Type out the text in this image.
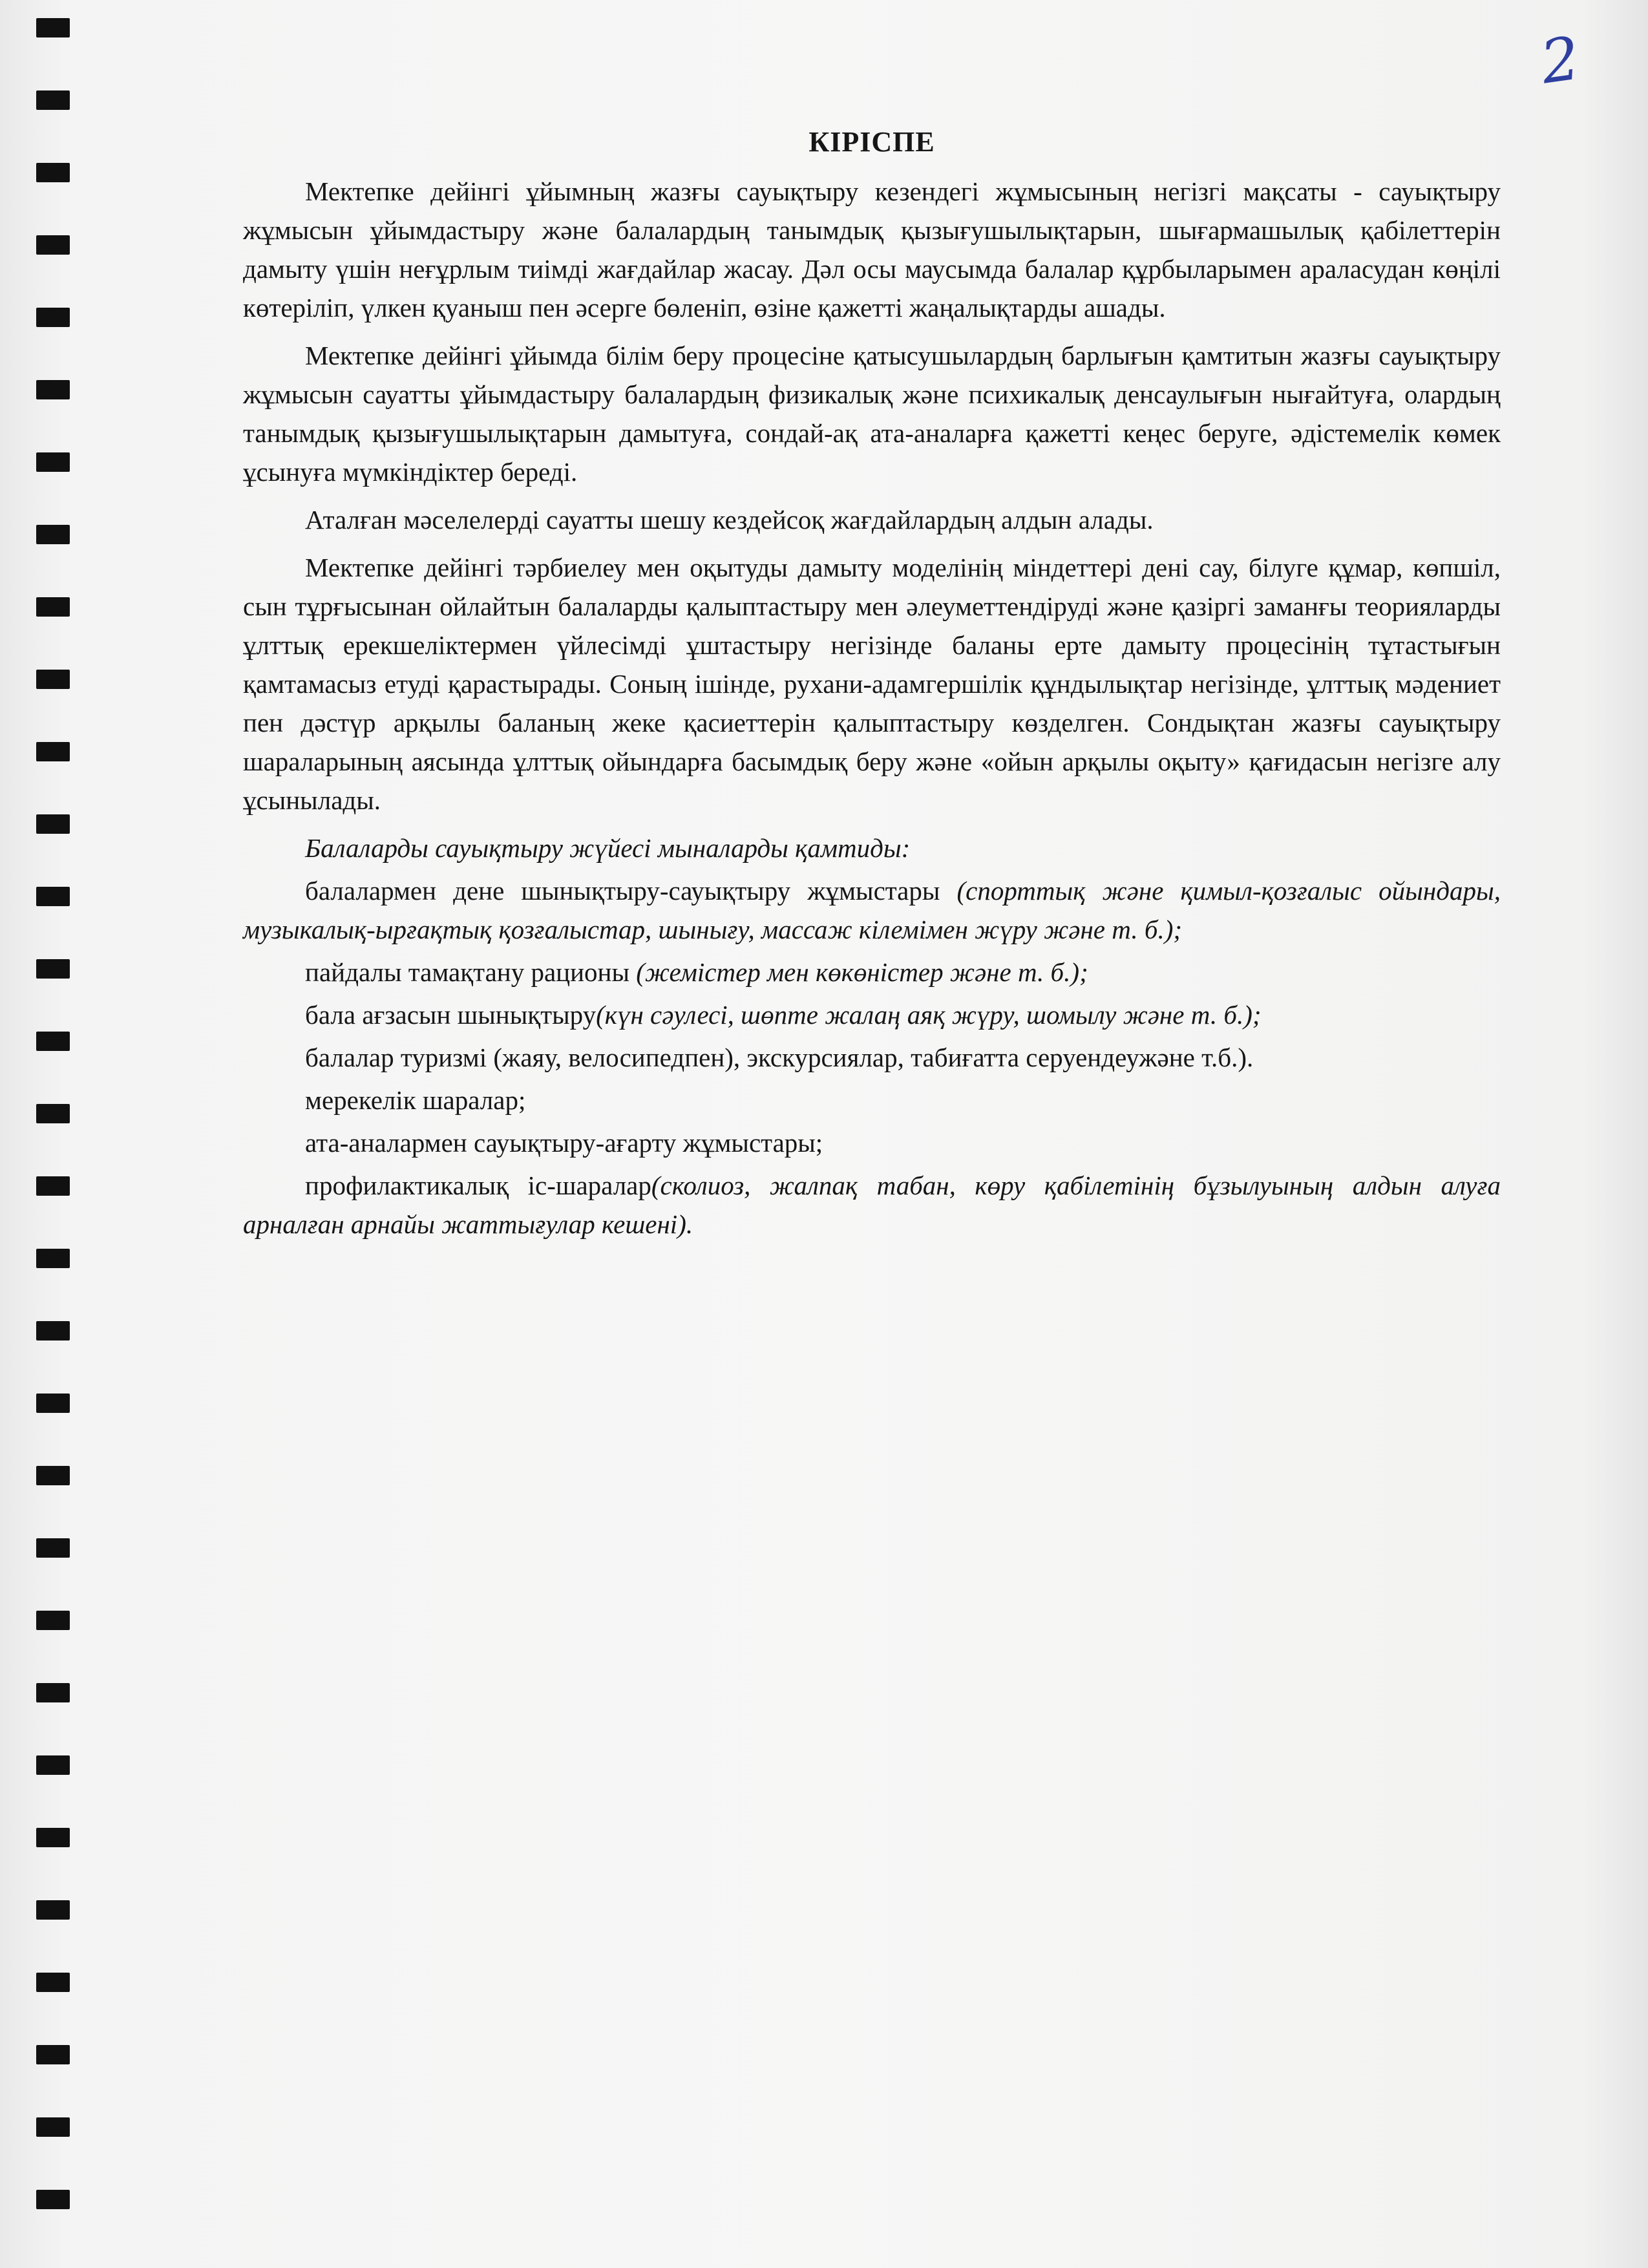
2
КІРІСПЕ

Мектепке дейінгі ұйымның жазғы сауықтыру кезендегі жұмысының негізгі мақсаты - сауықтыру жұмысын ұйымдастыру және балалардың танымдық қызығушылықтарын, шығармашылық қабілеттерін дамыту үшін неғұрлым тиімді жағдайлар жасау. Дәл осы маусымда балалар құрбыларымен араласудан көңілі көтеріліп, үлкен қуаныш пен әсерге бөленіп, өзіне қажетті жаңалықтарды ашады.

Мектепке дейінгі ұйымда білім беру процесіне қатысушылардың барлығын қамтитын жазғы сауықтыру жұмысын сауатты ұйымдастыру балалардың физикалық және психикалық денсаулығын нығайтуға, олардың танымдық қызығушылықтарын дамытуға, сондай-ақ ата-аналарға қажетті кеңес беруге, әдістемелік көмек ұсынуға мүмкіндіктер береді.

Аталған мәселелерді сауатты шешу кездейсоқ жағдайлардың алдын алады.

Мектепке дейінгі тәрбиелеу мен оқытуды дамыту моделінің міндеттері дені сау, білуге құмар, көпшіл, сын тұрғысынан ойлайтын балаларды қалыптастыру мен әлеуметтендіруді және қазіргі заманғы теорияларды ұлттық ерекшеліктермен үйлесімді ұштастыру негізінде баланы ерте дамыту процесінің тұтастығын қамтамасыз етуді қарастырады. Соның ішінде, рухани-адамгершілік құндылықтар негізінде, ұлттық мәдениет пен дәстүр арқылы баланың жеке қасиеттерін қалыптастыру көзделген. Сондықтан жазғы сауықтыру шараларының аясында ұлттық ойындарға басымдық беру және «ойын арқылы оқыту» қағидасын негізге алу ұсынылады.

Балаларды сауықтыру жүйесі мыналарды қамтиды:

балалармен дене шынықтыру-сауықтыру жұмыстары (спорттық және қимыл-қозғалыс ойындары, музыкалық-ырғақтық қозғалыстар, шынығу, массаж кілемімен жүру және т. б.);
пайдалы тамақтану рационы (жемістер мен көкөністер және т. б.);
бала ағзасын шынықтыру(күн сәулесі, шөпте жалаң аяқ жүру, шомылу және т. б.);
балалар туризмі (жаяу, велосипедпен), экскурсиялар, табиғатта серуендеужәне т.б.).
мерекелік шаралар;
ата-аналармен сауықтыру-ағарту жұмыстары;
профилактикалық іс-шаралар(сколиоз, жалпақ табан, көру қабілетінің бұзылуының алдын алуға арналған арнайы жаттығулар кешені).
